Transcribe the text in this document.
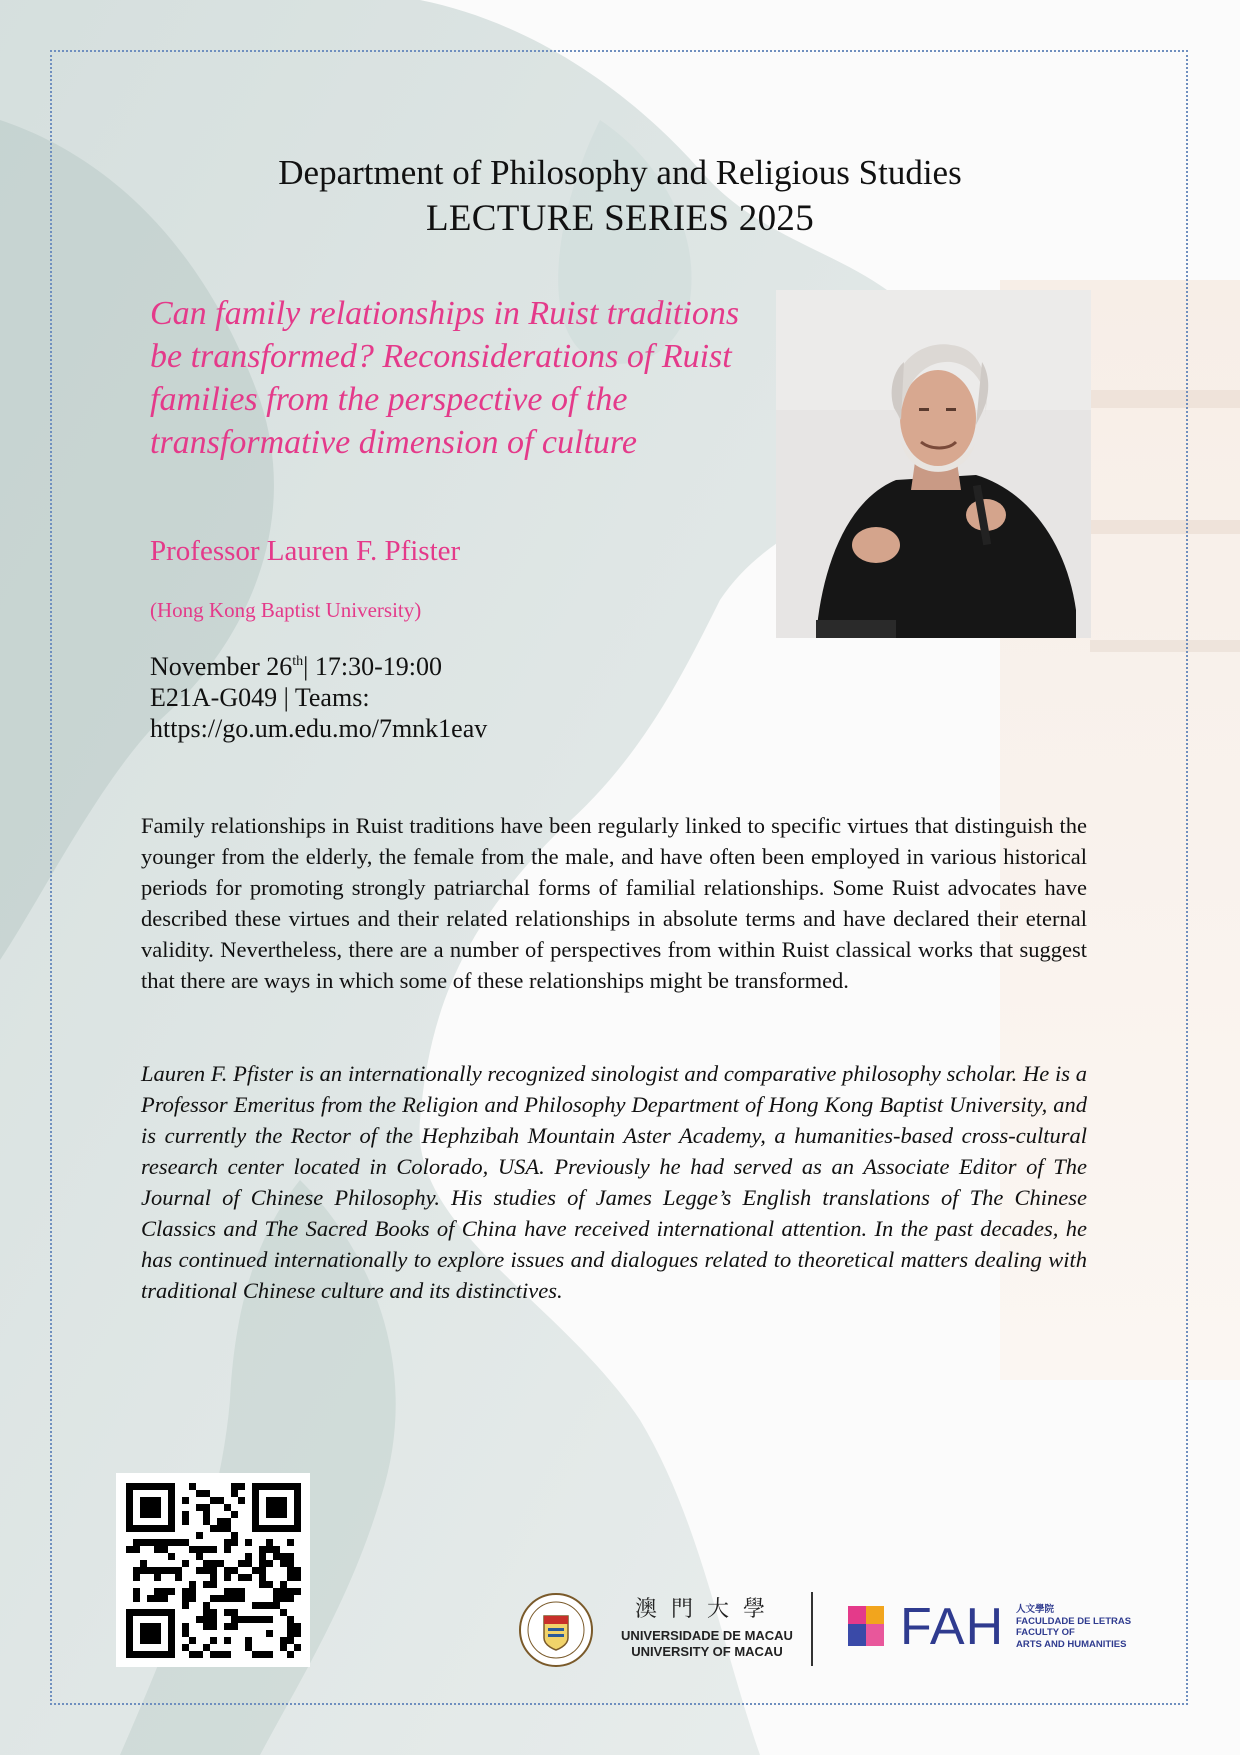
Department of Philosophy and Religious Studies
LECTURE SERIES 2025
Can family relationships in Ruist traditions be transformed? Reconsiderations of Ruist families from the perspective of the transformative dimension of culture
Professor Lauren F. Pfister
(Hong Kong Baptist University)
November 26th| 17:30-19:00
E21A-G049 | Teams:
https://go.um.edu.mo/7mnk1eav
Family relationships in Ruist traditions have been regularly linked to specific virtues that distinguish the younger from the elderly, the female from the male, and have often been employed in various historical periods for promoting strongly patriarchal forms of familial relationships. Some Ruist advocates have described these virtues and their related relationships in absolute terms and have declared their eternal validity. Nevertheless, there are a number of perspectives from within Ruist classical works that suggest that there are ways in which some of these relationships might be transformed.
Lauren F. Pfister is an internationally recognized sinologist and comparative philosophy scholar. He is a Professor Emeritus from the Religion and Philosophy Department of Hong Kong Baptist University, and is currently the Rector of the Hephzibah Mountain Aster Academy, a humanities-based cross-cultural research center located in Colorado, USA. Previously he had served as an Associate Editor of The Journal of Chinese Philosophy. His studies of James Legge’s English translations of The Chinese Classics and The Sacred Books of China have received international attention. In the past decades, he has continued internationally to explore issues and dialogues related to theoretical matters dealing with traditional Chinese culture and its distinctives.
澳門大學
UNIVERSIDADE DE MACAU
UNIVERSITY OF MACAU	FAH 人文學院
FACULDADE DE LETRAS
FACULTY OF
ARTS AND HUMANITIES
